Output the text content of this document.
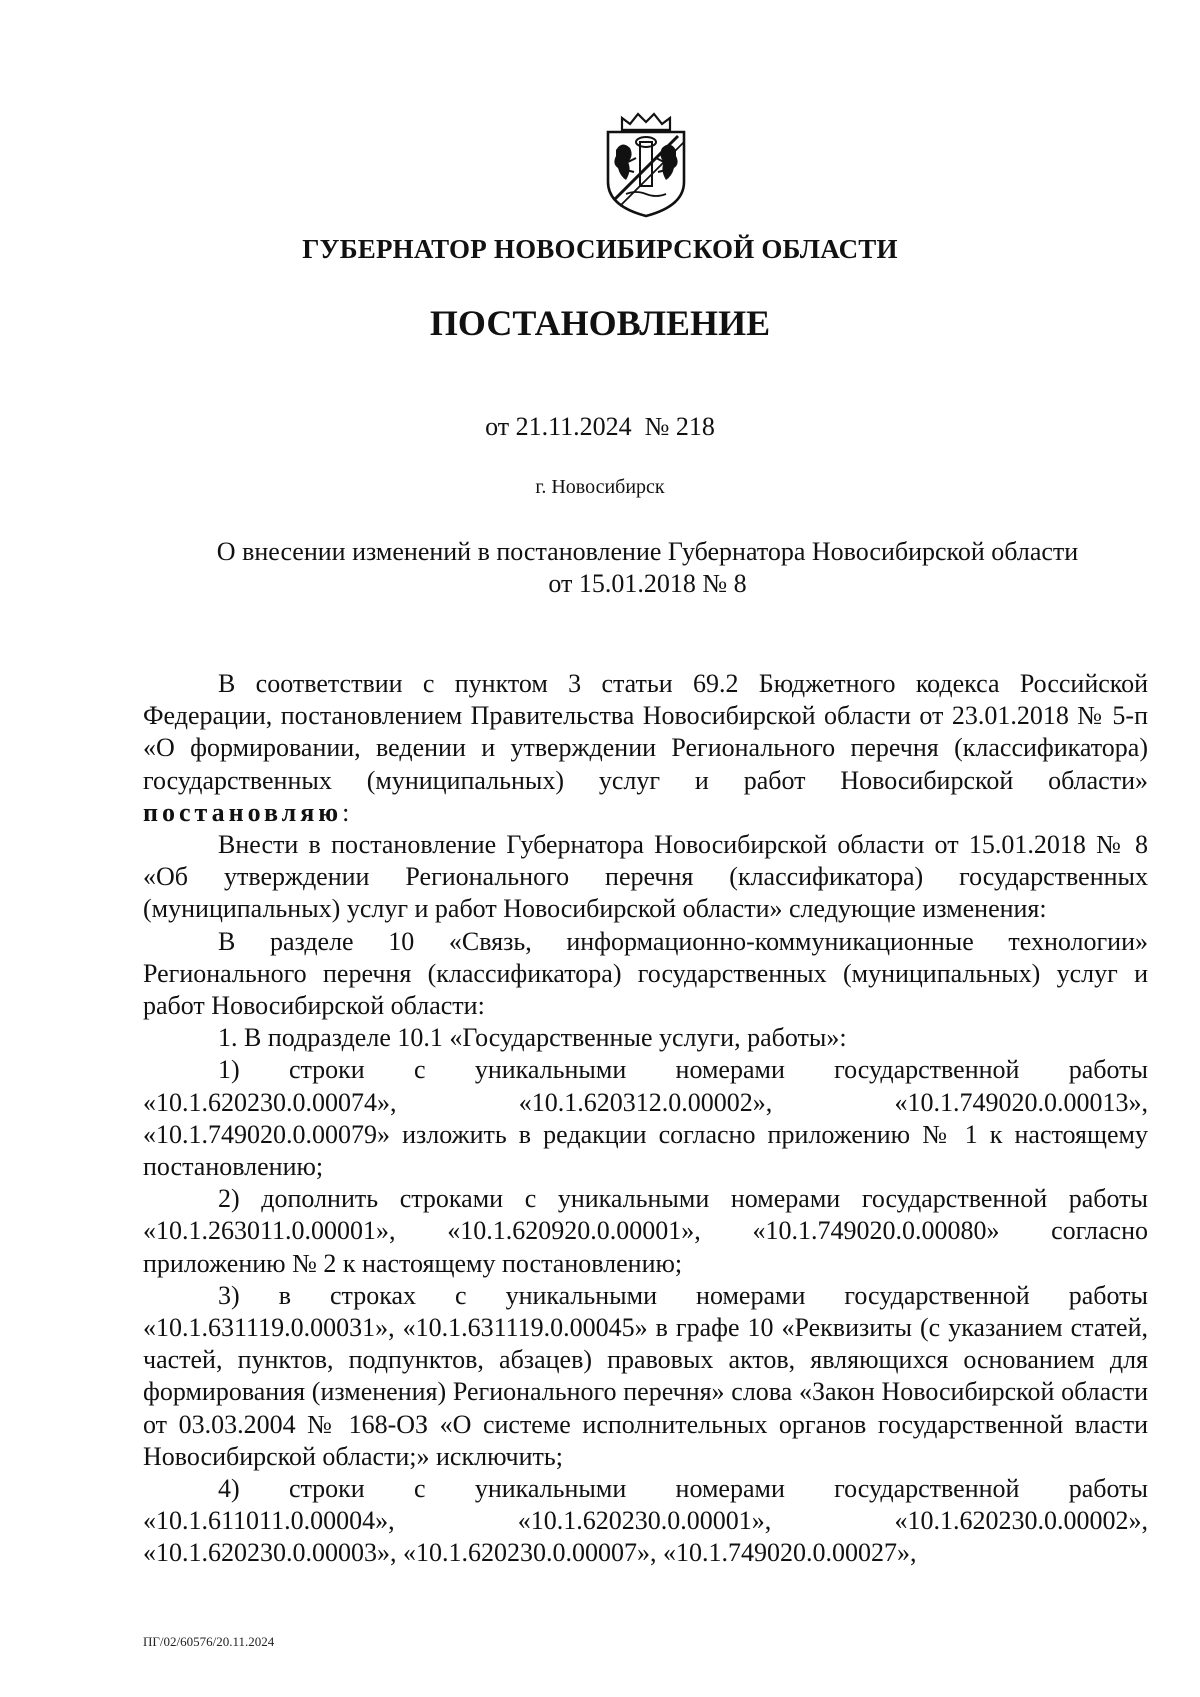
ГУБЕРНАТОР НОВОСИБИРСКОЙ ОБЛАСТИ
ПОСТАНОВЛЕНИЕ
от 21.11.2024  № 218
г. Новосибирск
О внесении изменений в постановление Губернатора Новосибирской области
от 15.01.2018 № 8

В соответствии с пунктом 3 статьи 69.2 Бюджетного кодекса Российской Федерации, постановлением Правительства Новосибирской области от 23.01.2018 № 5-п «О формировании, ведении и утверждении Регионального перечня (классификатора) государственных (муниципальных) услуг и работ Новосибирской области» постановляю:

Внести в постановление Губернатора Новосибирской области от 15.01.2018 № 8 «Об утверждении Регионального перечня (классификатора) государственных (муниципальных) услуг и работ Новосибирской области» следующие изменения:

В разделе 10 «Связь, информационно-коммуникационные технологии» Регионального перечня (классификатора) государственных (муниципальных) услуг и работ Новосибирской области:

1. В подразделе 10.1 «Государственные услуги, работы»:

1) строки с уникальными номерами государственной работы «10.1.620230.0.00074», «10.1.620312.0.00002», «10.1.749020.0.00013», «10.1.749020.0.00079» изложить в редакции согласно приложению № 1 к настоящему постановлению;

2) дополнить строками с уникальными номерами государственной работы «10.1.263011.0.00001», «10.1.620920.0.00001», «10.1.749020.0.00080» согласно приложению № 2 к настоящему постановлению;

3) в строках с уникальными номерами государственной работы «10.1.631119.0.00031», «10.1.631119.0.00045» в графе 10 «Реквизиты (с указанием статей, частей, пунктов, подпунктов, абзацев) правовых актов, являющихся основанием для формирования (изменения) Регионального перечня» слова «Закон Новосибирской области от 03.03.2004 № 168-ОЗ «О системе исполнительных органов государственной власти Новосибирской области;» исключить;

4) строки с уникальными номерами государственной работы «10.1.611011.0.00004», «10.1.620230.0.00001», «10.1.620230.0.00002», «10.1.620230.0.00003», «10.1.620230.0.00007», «10.1.749020.0.00027»,

ПГ/02/60576/20.11.2024
